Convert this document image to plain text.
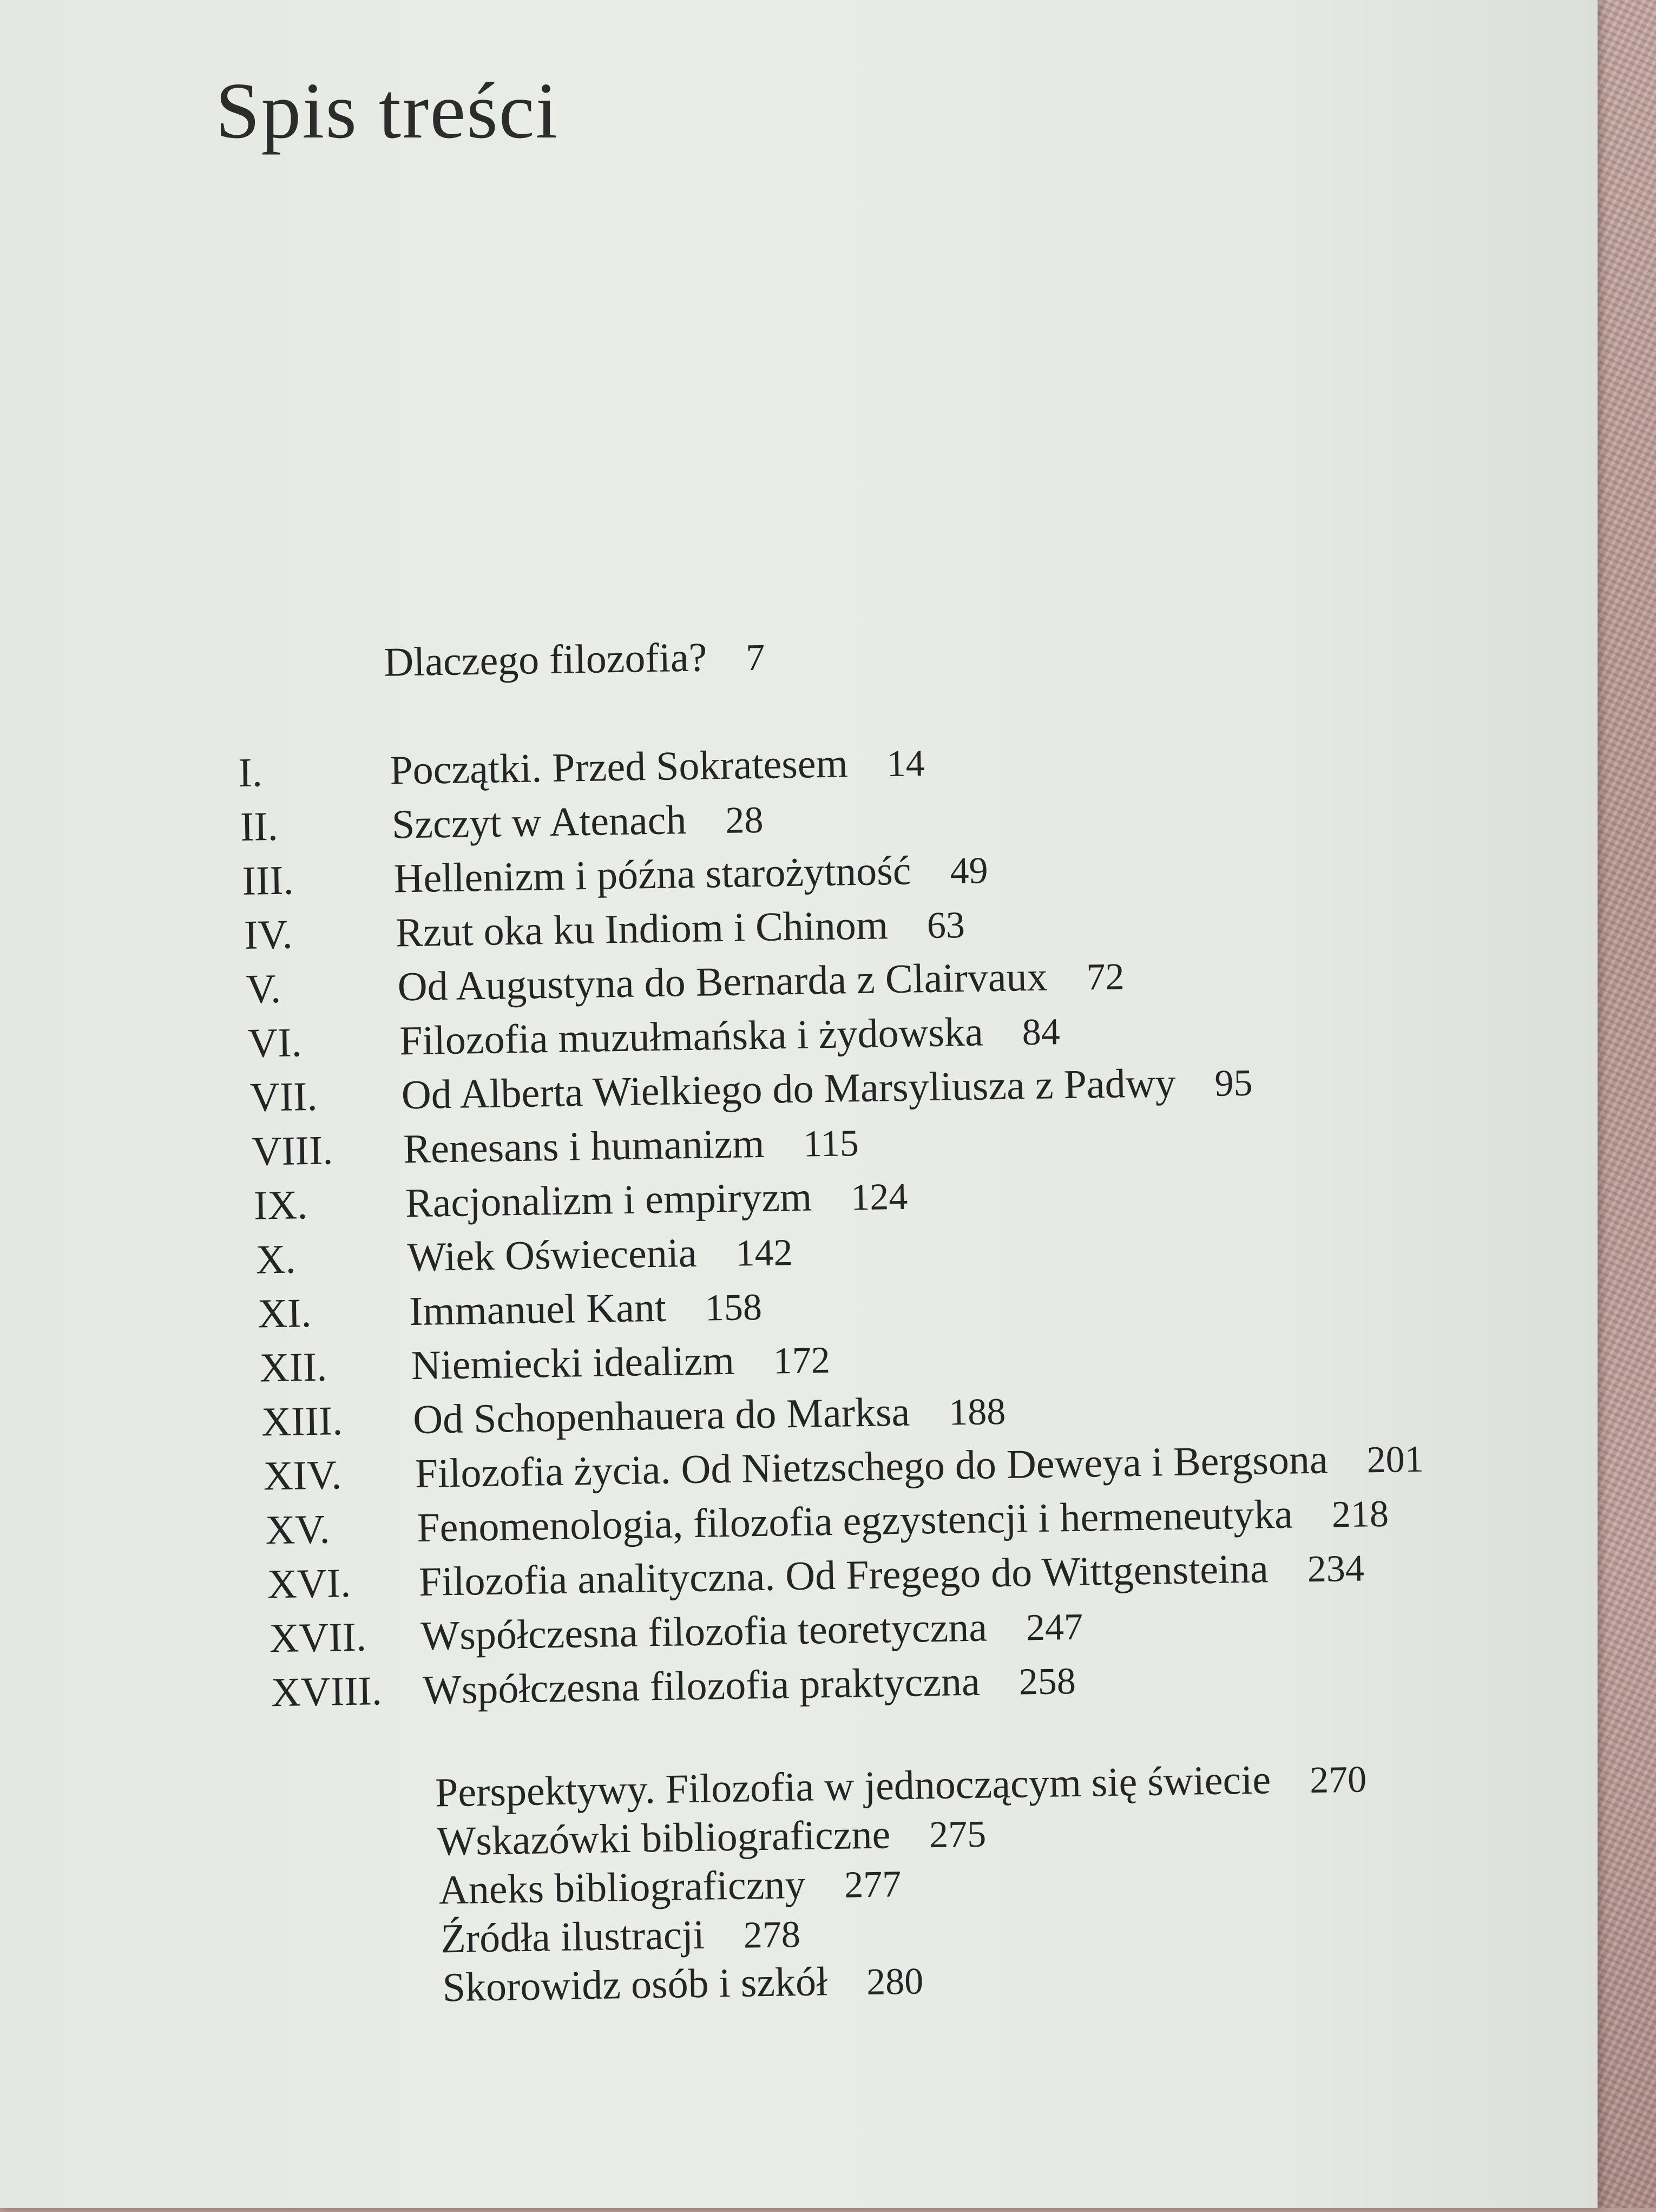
Spis treści
Dlaczego filozofia? 7
I.	Początki. Przed Sokratesem 14
II.	Szczyt w Atenach 28
III. Hellenizm i późna starożytność 49
IV. Rzut oka ku Indiom i Chinom 63
V.	Od Augustyna do Bernarda z Clairvaux 72
VI. Filozofia muzułmańska i żydowska 84
VII. Od Alberta Wielkiego do Marsyliusza z Padwy 95
VIII. Renesans i humanizm 115
IX. Racjonalizm i empiryzm 124
X.	Wiek Oświecenia 142
XI. Immanuel Kant 158
XII. Niemiecki idealizm 172
XIII. Od Schopenhauera do Marksa 188
XIV. Filozofia życia. Od Nietzschego do Deweya i Bergsona 201
XV. Fenomenologia, filozofia egzystencji i hermeneutyka 218
XVI. Filozofia analityczna. Od Fregego do Wittgensteina 234
XVII. Współczesna filozofia teoretyczna 247
XVIII. Współczesna filozofia praktyczna 258
Perspektywy. Filozofia w jednoczącym się świecie 270
Wskazówki bibliograficzne 275
Aneks bibliograficzny 277
Źródła ilustracji 278
Skorowidz osób i szkół 280
